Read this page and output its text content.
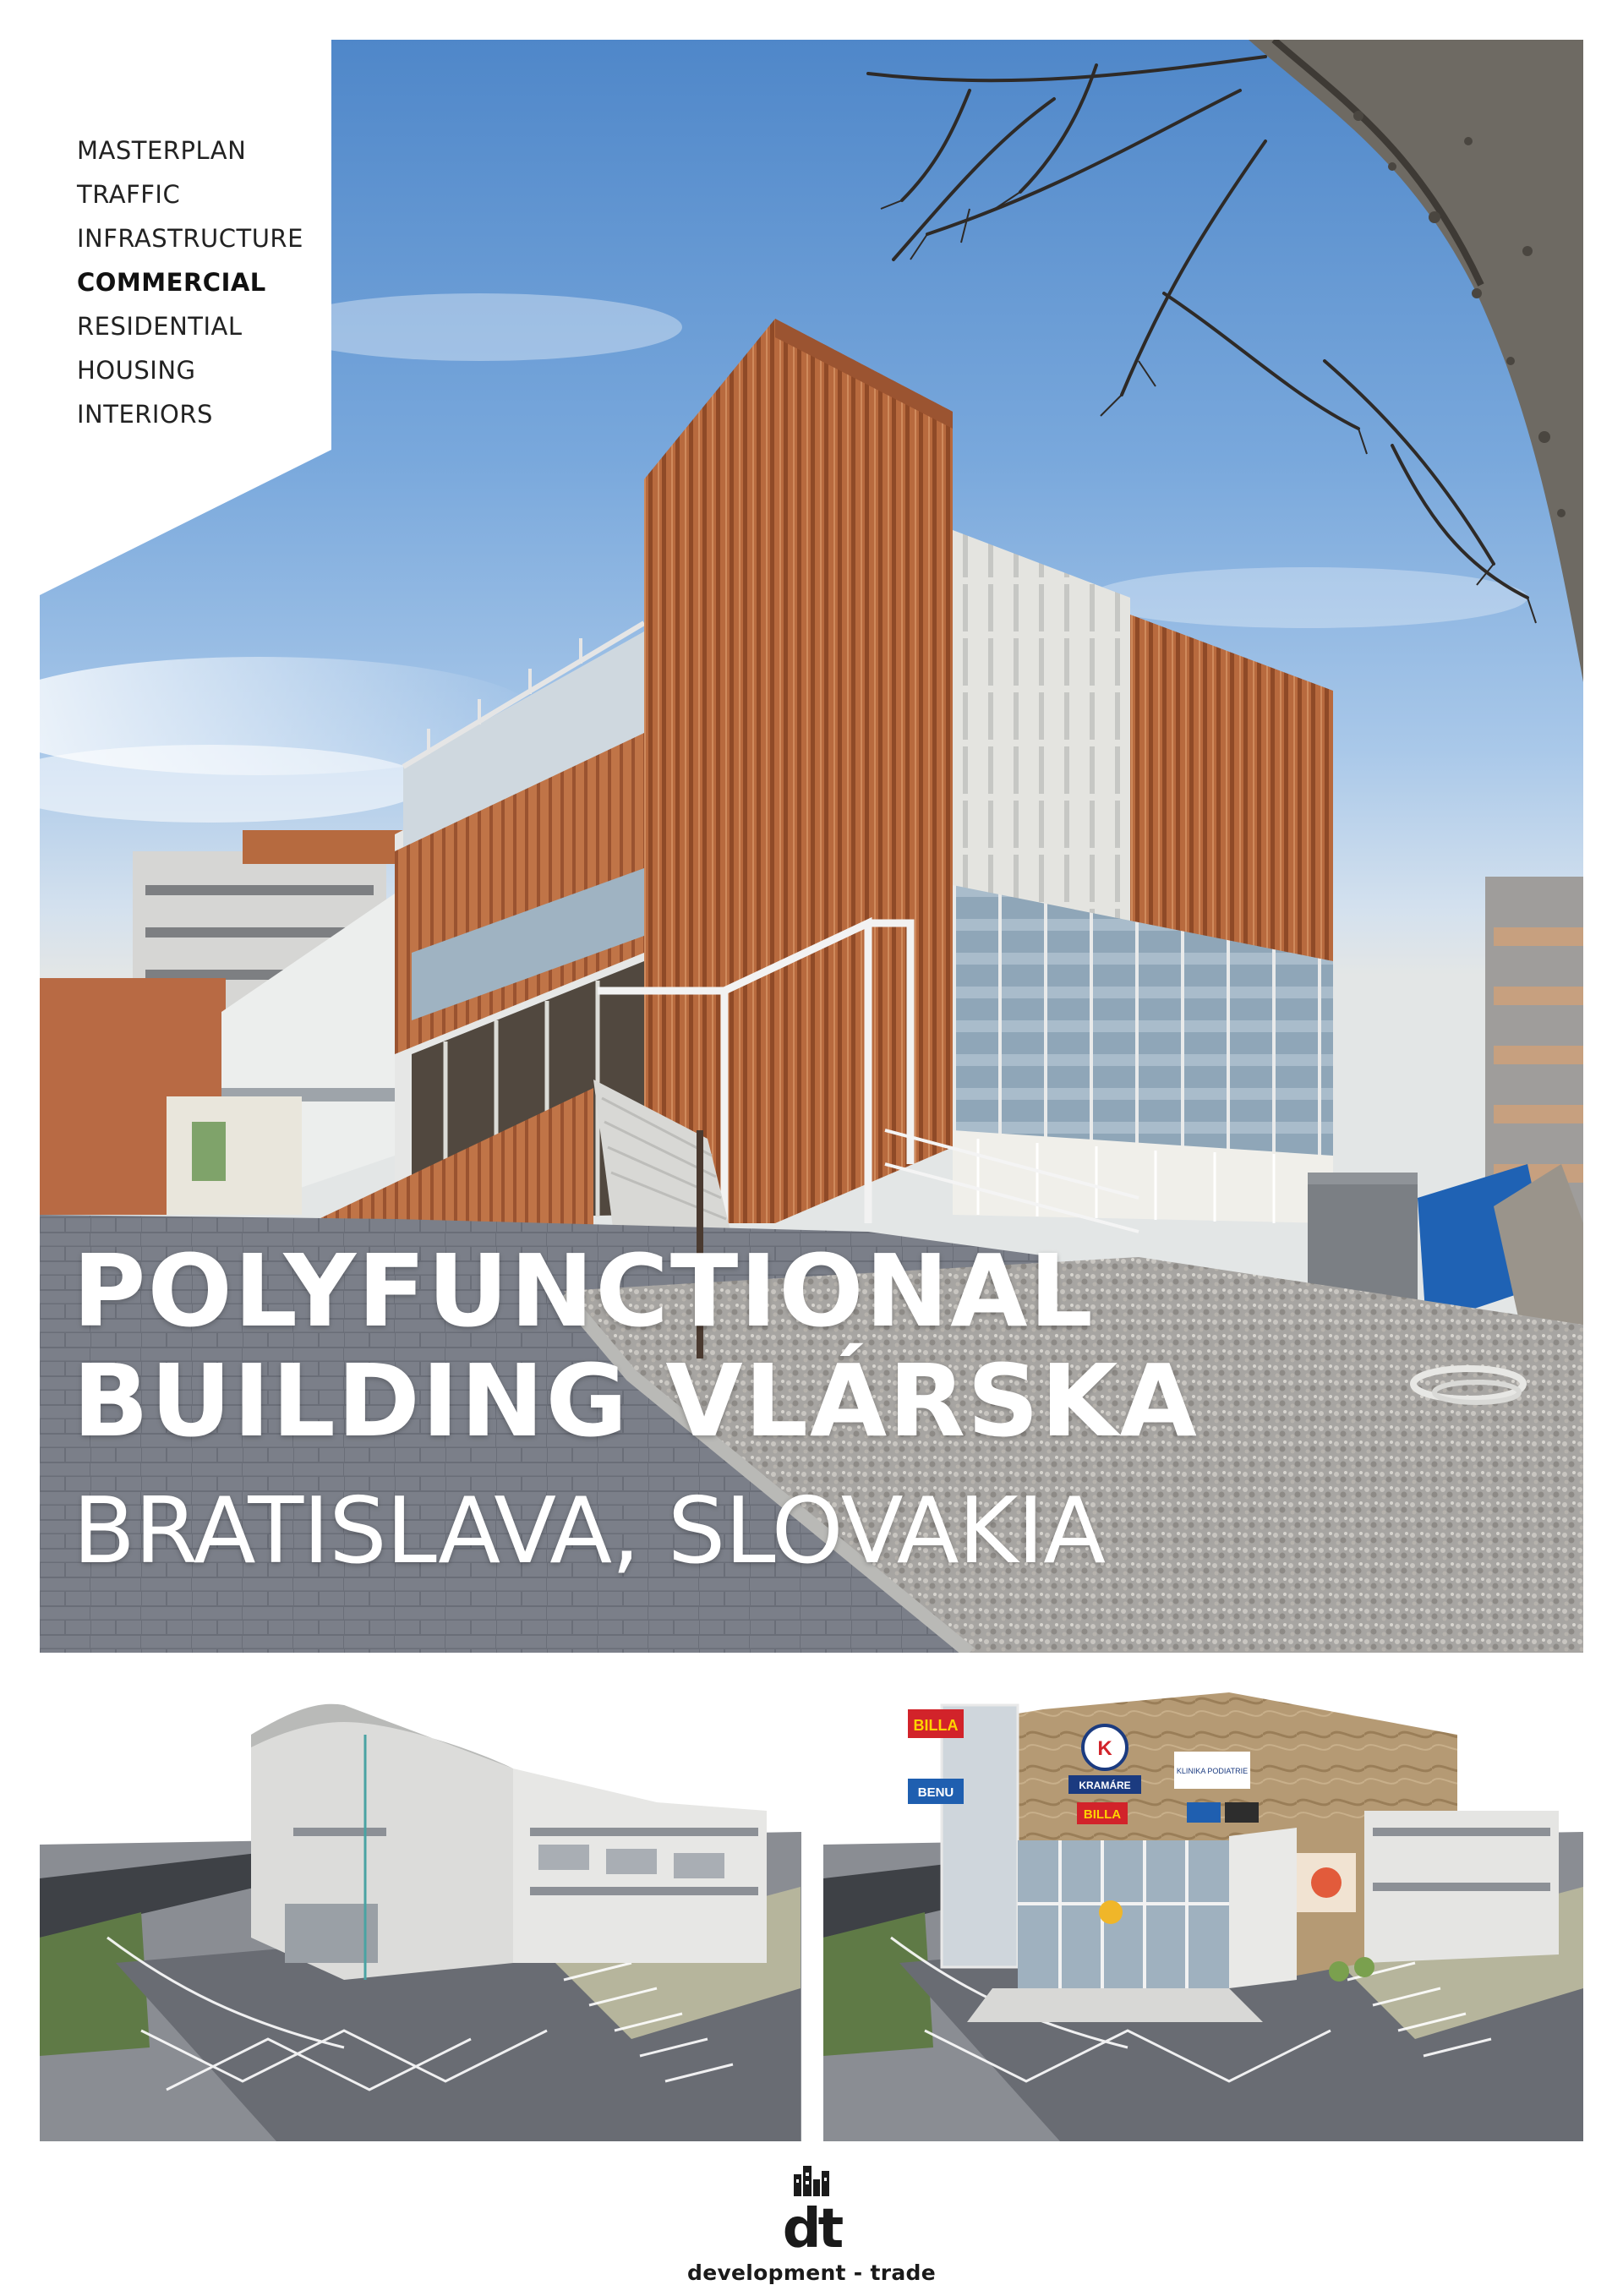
MASTERPLAN
TRAFFIC
INFRASTRUCTURE
COMMERCIAL
RESIDENTIAL
HOUSING
INTERIORS
POLYFUNCTIONAL
BUILDING VLÁRSKA
BRATISLAVA, SLOVAKIA
BILLA
BENU
K
KRAMÁRE
KLINIKA PODIATRIE
BILLA
dt
development - trade
